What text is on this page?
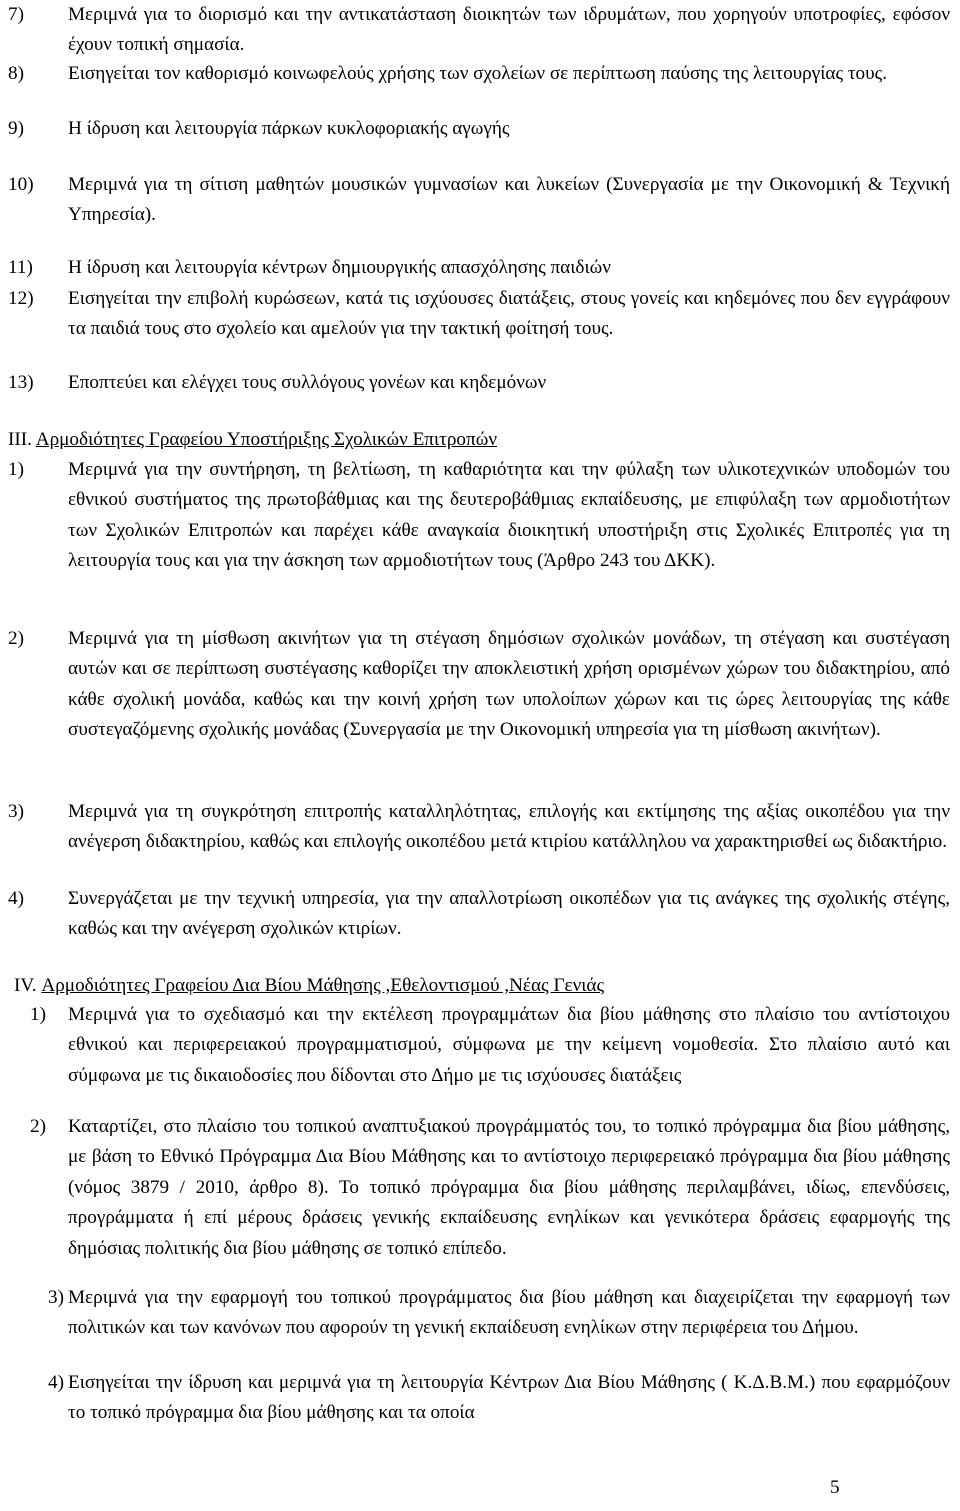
7) Μεριμνά για το διορισμό και την αντικατάσταση διοικητών των ιδρυμάτων, που χορηγούν υποτροφίες, εφόσον έχουν τοπική σημασία.
8) Εισηγείται τον καθορισμό κοινωφελούς χρήσης των σχολείων σε περίπτωση παύσης της λειτουργίας τους.
9) Η ίδρυση και λειτουργία πάρκων κυκλοφοριακής αγωγής
10) Μεριμνά για τη σίτιση μαθητών μουσικών γυμνασίων και λυκείων (Συνεργασία με την Οικονομική & Τεχνική Υπηρεσία).
11) Η ίδρυση και λειτουργία κέντρων δημιουργικής απασχόλησης παιδιών
12) Εισηγείται την επιβολή κυρώσεων, κατά τις ισχύουσες διατάξεις, στους γονείς και κηδεμόνες που δεν εγγράφουν τα παιδιά τους στο σχολείο και αμελούν για την τακτική φοίτησή τους.
13) Εποπτεύει και ελέγχει τους συλλόγους γονέων και κηδεμόνων
ΙΙΙ. Αρμοδιότητες Γραφείου Υποστήριξης Σχολικών Επιτροπών
1) Μεριμνά για την συντήρηση, τη βελτίωση, τη καθαριότητα και την φύλαξη των υλικοτεχνικών υποδομών του εθνικού συστήματος της πρωτοβάθμιας και της δευτεροβάθμιας εκπαίδευσης, με επιφύλαξη των αρμοδιοτήτων των Σχολικών Επιτροπών και παρέχει κάθε αναγκαία διοικητική υποστήριξη στις Σχολικές Επιτροπές για τη λειτουργία τους και για την άσκηση των αρμοδιοτήτων τους (Άρθρο 243 του ΔΚΚ).
2) Μεριμνά για τη μίσθωση ακινήτων για τη στέγαση δημόσιων σχολικών μονάδων, τη στέγαση και συστέγαση αυτών και σε περίπτωση συστέγασης καθορίζει την αποκλειστική χρήση ορισμένων χώρων του διδακτηρίου, από κάθε σχολική μονάδα, καθώς και την κοινή χρήση των υπολοίπων χώρων και τις ώρες λειτουργίας της κάθε συστεγαζόμενης σχολικής μονάδας (Συνεργασία με την Οικονομική υπηρεσία για τη μίσθωση ακινήτων).
3) Μεριμνά για τη συγκρότηση επιτροπής καταλληλότητας, επιλογής και εκτίμησης της αξίας οικοπέδου για την ανέγερση διδακτηρίου, καθώς και επιλογής οικοπέδου μετά κτιρίου κατάλληλου να χαρακτηρισθεί ως διδακτήριο.
4) Συνεργάζεται με την τεχνική υπηρεσία, για την απαλλοτρίωση οικοπέδων για τις ανάγκες της σχολικής στέγης, καθώς και την ανέγερση σχολικών κτιρίων.
IV. Αρμοδιότητες Γραφείου Δια Βίου Μάθησης ,Εθελοντισμού ,Νέας Γενιάς
1) Μεριμνά για το σχεδιασμό και την εκτέλεση προγραμμάτων δια βίου μάθησης στο πλαίσιο του αντίστοιχου εθνικού και περιφερειακού προγραμματισμού, σύμφωνα με την κείμενη νομοθεσία. Στο πλαίσιο αυτό και σύμφωνα με τις δικαιοδοσίες που δίδονται στο Δήμο με τις ισχύουσες διατάξεις
2) Καταρτίζει, στο πλαίσιο του τοπικού αναπτυξιακού προγράμματός του, το τοπικό πρόγραμμα δια βίου μάθησης, με βάση το Εθνικό Πρόγραμμα Δια Βίου Μάθησης και το αντίστοιχο περιφερειακό πρόγραμμα δια βίου μάθησης (νόμος 3879 / 2010, άρθρο 8). Το τοπικό πρόγραμμα δια βίου μάθησης περιλαμβάνει, ιδίως, επενδύσεις, προγράμματα ή επί μέρους δράσεις γενικής εκπαίδευσης ενηλίκων και γενικότερα δράσεις εφαρμογής της δημόσιας πολιτικής δια βίου μάθησης σε τοπικό επίπεδο.
3) Μεριμνά για την εφαρμογή του τοπικού προγράμματος δια βίου μάθηση και διαχειρίζεται την εφαρμογή των πολιτικών και των κανόνων που αφορούν τη γενική εκπαίδευση ενηλίκων στην περιφέρεια του Δήμου.
4) Εισηγείται την ίδρυση και μεριμνά για τη λειτουργία Κέντρων Δια Βίου Μάθησης ( Κ.Δ.Β.Μ.) που εφαρμόζουν το τοπικό πρόγραμμα δια βίου μάθησης και τα οποία
5
